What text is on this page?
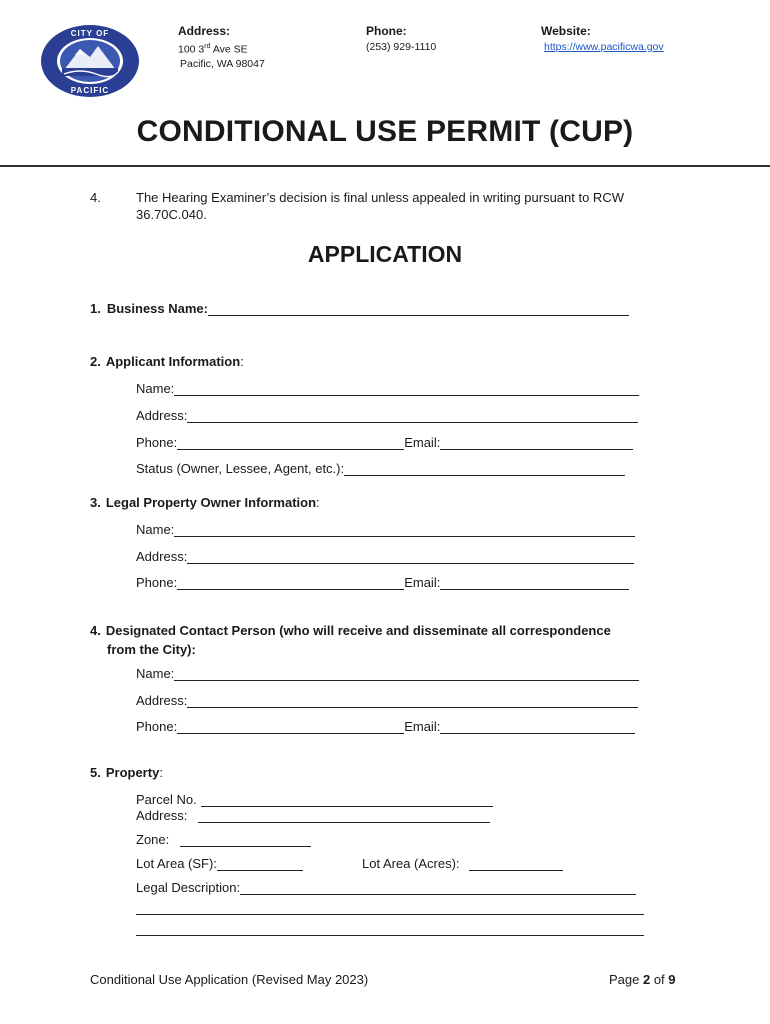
CITY OF
PACIFIC
Address:
100 3rd Ave SE
Pacific, WA 98047
Phone:
(253) 929-1110
Website:
https://www.pacificwa.gov
CONDITIONAL USE PERMIT (CUP)
4.	The Hearing Examiner’s decision is final unless appealed in writing pursuant to RCW 36.70C.040.
APPLICATION
1. Business Name:
2. Applicant Information:
Name:
Address:
Phone:	Email:
Status (Owner, Lessee, Agent, etc.):
3. Legal Property Owner Information:
Name:
Address:
Phone:	Email:
4. Designated Contact Person (who will receive and disseminate all correspondence
from the City):
Name:
Address:
Phone:	Email:
5. Property:
Parcel No.
Address:
Zone:
Lot Area (SF):	Lot Area (Acres):
Legal Description:
Conditional Use Application (Revised May 2023)	Page 2 of 9
